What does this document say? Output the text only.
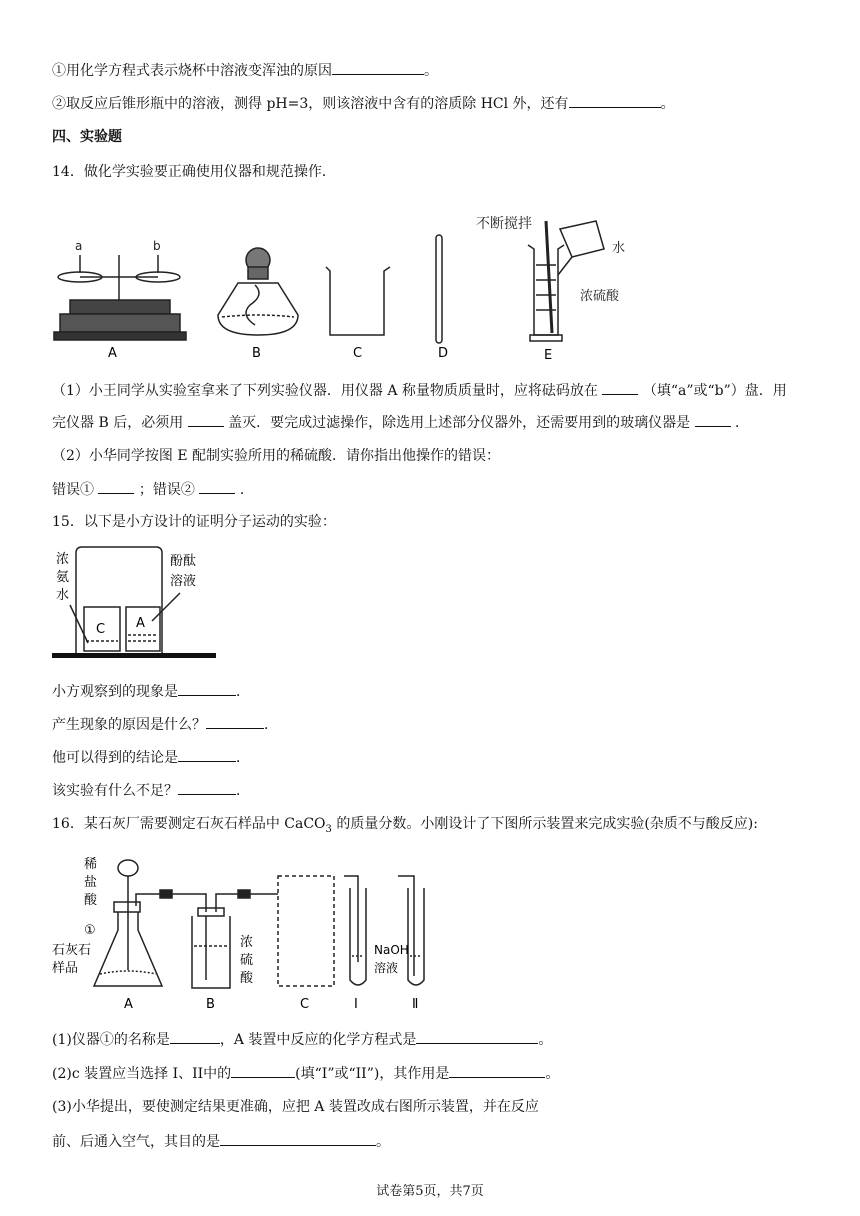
①用化学方程式表示烧杯中溶液变浑浊的原因	。
②取反应后锥形瓶中的溶液，测得 pH=3，则该溶液中含有的溶质除 HCl 外，还有	。
四、实验题
14．做化学实验要正确使用仪器和规范操作．
a	b
A	B	C	D
不断搅拌
水
浓硫酸
E
（1）小王同学从实验室拿来了下列实验仪器．用仪器 A 称量物质质量时，应将砝码放在	（填“a”或“b”）盘．用
完仪器 B 后，必须用	盖灭．要完成过滤操作，除选用上述部分仪器外，还需要用到的玻璃仪器是	．
（2）小华同学按图 E 配制实验所用的稀硫酸．请你指出他操作的错误：
错误①	；错误②	．
15．以下是小方设计的证明分子运动的实验：
浓
氨
水
酚酞
溶液
C A
小方观察到的现象是	．
产生现象的原因是什么？	．
他可以得到的结论是	．
该实验有什么不足？	．
16．某石灰厂需要测定石灰石样品中 CaCO$_3$ 的质量分数。小刚设计了下图所示装置来完成实验(杂质不与酸反应):
稀
盐
酸
①
石灰石
样品
浓
硫
酸
NaOH
溶液
A	B	C	I	Ⅱ
(1)仪器①的名称是	，A 装置中反应的化学方程式是	。
(2)c 装置应当选择 I、II中的	(填“I”或“II”)，其作用是	。
(3)小华提出，要使测定结果更准确，应把 A 装置改成右图所示装置，并在反应
前、后通入空气，其目的是	。
试卷第5页，共7页
